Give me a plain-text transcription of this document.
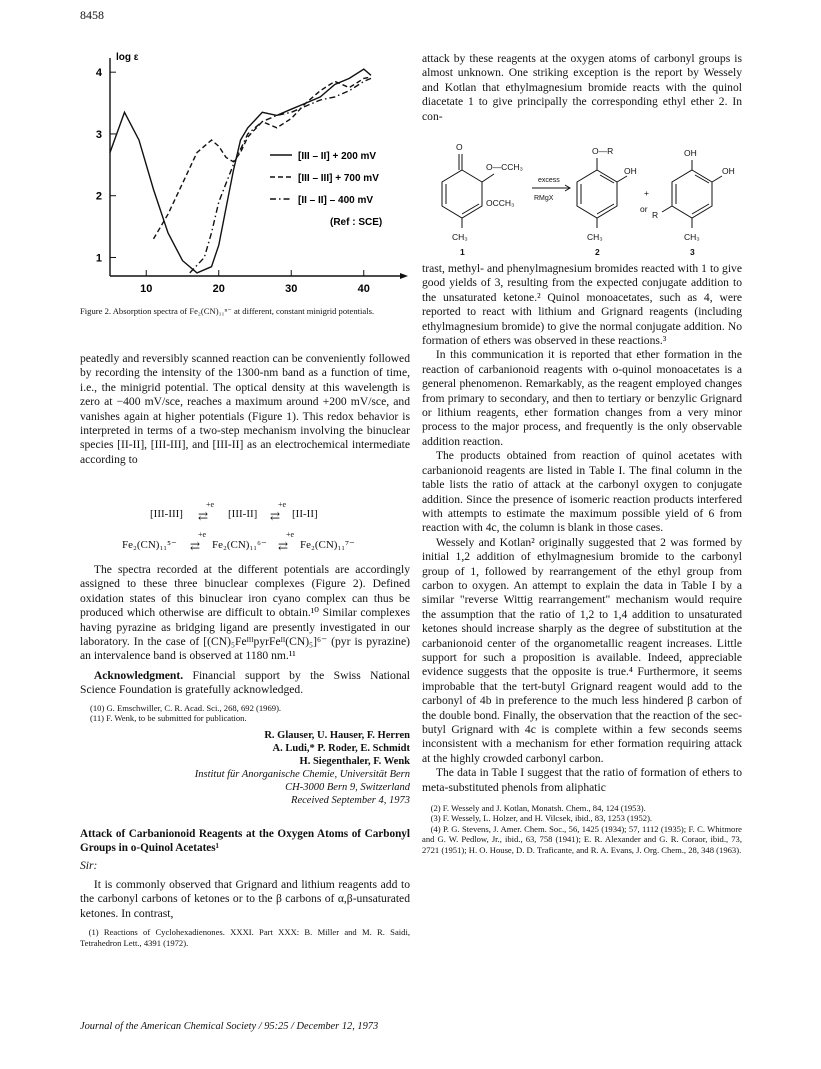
8458
10	20	30	40
1
2
3
4
log ε
[III – II] + 200 mV
[III – III] + 700 mV
[II – II] – 400 mV
(Ref : SCE)
Figure 2. Absorption spectra of Fe₂(CN)₁₁ⁿ⁻ at different, constant minigrid potentials.

peatedly and reversibly scanned reaction can be conveniently followed by recording the intensity of the 1300-nm band as a function of time, i.e., the minigrid potential. The optical density at this wavelength is zero at −400 mV/sce, reaches a maximum around +200 mV/sce, and vanishes again at higher potentials (Figure 1). This redox behavior is interpreted in terms of a two-step mechanism involving the binuclear species [II-II], [III-III], and [III-II] as an electrochemical intermediate according to

[III-III]
+e
⇄ [III-II]
+e
⇄ [II-II]
Fe₂(CN)₁₁⁵⁻
+e
⇄ Fe₂(CN)₁₁⁶⁻
+e
⇄ Fe₂(CN)₁₁⁷⁻

The spectra recorded at the different potentials are accordingly assigned to these three binuclear complexes (Figure 2). Defined oxidation states of this binuclear iron cyano complex can thus be produced which otherwise are difficult to obtain.¹⁰ Similar complexes having pyrazine as bridging ligand are presently investigated in our laboratory. In the case of [(CN)₅FeᴵᴵᴵpyrFeᴵᴵ(CN)₅]⁶⁻ (pyr is pyrazine) an intervalence band is observed at 1180 nm.¹¹

Acknowledgment. Financial support by the Swiss National Science Foundation is gratefully acknowledged.

(10) G. Emschwiller, C. R. Acad. Sci., 268, 692 (1969).
(11) F. Wenk, to be submitted for publication.
R. Glauser, U. Hauser, F. Herren
A. Ludi,* P. Roder, E. Schmidt
H. Siegenthaler, F. Wenk
Institut für Anorganische Chemie, Universität Bern
CH-3000 Bern 9, Switzerland
Received September 4, 1973
Attack of Carbanionoid Reagents at the Oxygen Atoms of Carbonyl Groups in o-Quinol Acetates¹
Sir:

It is commonly observed that Grignard and lithium reagents add to the carbonyl carbons of ketones or to the β carbons of α,β-unsaturated ketones. In contrast,

(1) Reactions of Cyclohexadienones. XXXI. Part XXX: B. Miller and M. R. Saidi, Tetrahedron Lett., 4391 (1972).

attack by these reagents at the oxygen atoms of carbonyl groups is almost unknown. One striking exception is the report by Wessely and Kotlan that ethylmagnesium bromide reacts with the quinol diacetate 1 to give principally the corresponding ethyl ether 2. In con-

O
O—CCH₃
OCCH₃
CH₃
excess
RMgX
O—R
OH
CH₃
+
or
OH
OH
R
CH₃
1	2	3

trast, methyl- and phenylmagnesium bromides reacted with 1 to give good yields of 3, resulting from the expected conjugate addition to the unsaturated ketone.² Quinol monoacetates, such as 4, were reported to react with lithium and Grignard reagents (including ethylmagnesium bromide) to give the normal conjugate addition. No formation of ethers was observed in these reactions.³

In this communication it is reported that ether formation in the reaction of carbanionoid reagents with o-quinol monoacetates is a general phenomenon. Remarkably, as the reagent employed changes from primary to secondary, and then to tertiary or benzylic Grignard or lithium reagents, ether formation changes from a very minor process to the major process, and frequently is the only observable addition reaction.

The products obtained from reaction of quinol acetates with carbanionoid reagents are listed in Table I. The final column in the table lists the ratio of attack at the carbonyl oxygen to conjugate addition. Since the presence of isomeric reaction products interfered with attempts to estimate the maximum possible yield of 6 from reaction with 4c, the column is blank in those cases.

Wessely and Kotlan² originally suggested that 2 was formed by initial 1,2 addition of ethylmagnesium bromide to the carbonyl group of 1, followed by rearrangement of the ethyl group from carbon to oxygen. An attempt to explain the data in Table I by a similar "reverse Wittig rearrangement" mechanism would require the assumption that the ratio of 1,2 to 1,4 addition to unsaturated ketones should increase sharply as the degree of substitution at the carbanionoid center of the organometallic reagent increases. Little support for such a proposition is available. Indeed, appreciable evidence suggests that the opposite is true.⁴ Furthermore, it seems improbable that the tert-butyl Grignard reagent would add to the carbonyl of 4b in preference to the much less hindered β carbon of the double bond. Finally, the observation that the reaction of the sec-butyl Grignard with 4c is complete within a few seconds seems inconsistent with a mechanism for ether formation requiring attack at the highly crowded carbonyl carbon.

The data in Table I suggest that the ratio of formation of ethers to meta-substituted phenols from aliphatic

(2) F. Wessely and J. Kotlan, Monatsh. Chem., 84, 124 (1953).
(3) F. Wessely, L. Holzer, and H. Vilcsek, ibid., 83, 1253 (1952).
(4) P. G. Stevens, J. Amer. Chem. Soc., 56, 1425 (1934); 57, 1112 (1935); F. C. Whitmore and G. W. Pedlow, Jr., ibid., 63, 758 (1941); E. R. Alexander and G. R. Coraor, ibid., 73, 2721 (1951); H. O. House, D. D. Traficante, and R. A. Evans, J. Org. Chem., 28, 348 (1963).
Journal of the American Chemical Society / 95:25 / December 12, 1973
